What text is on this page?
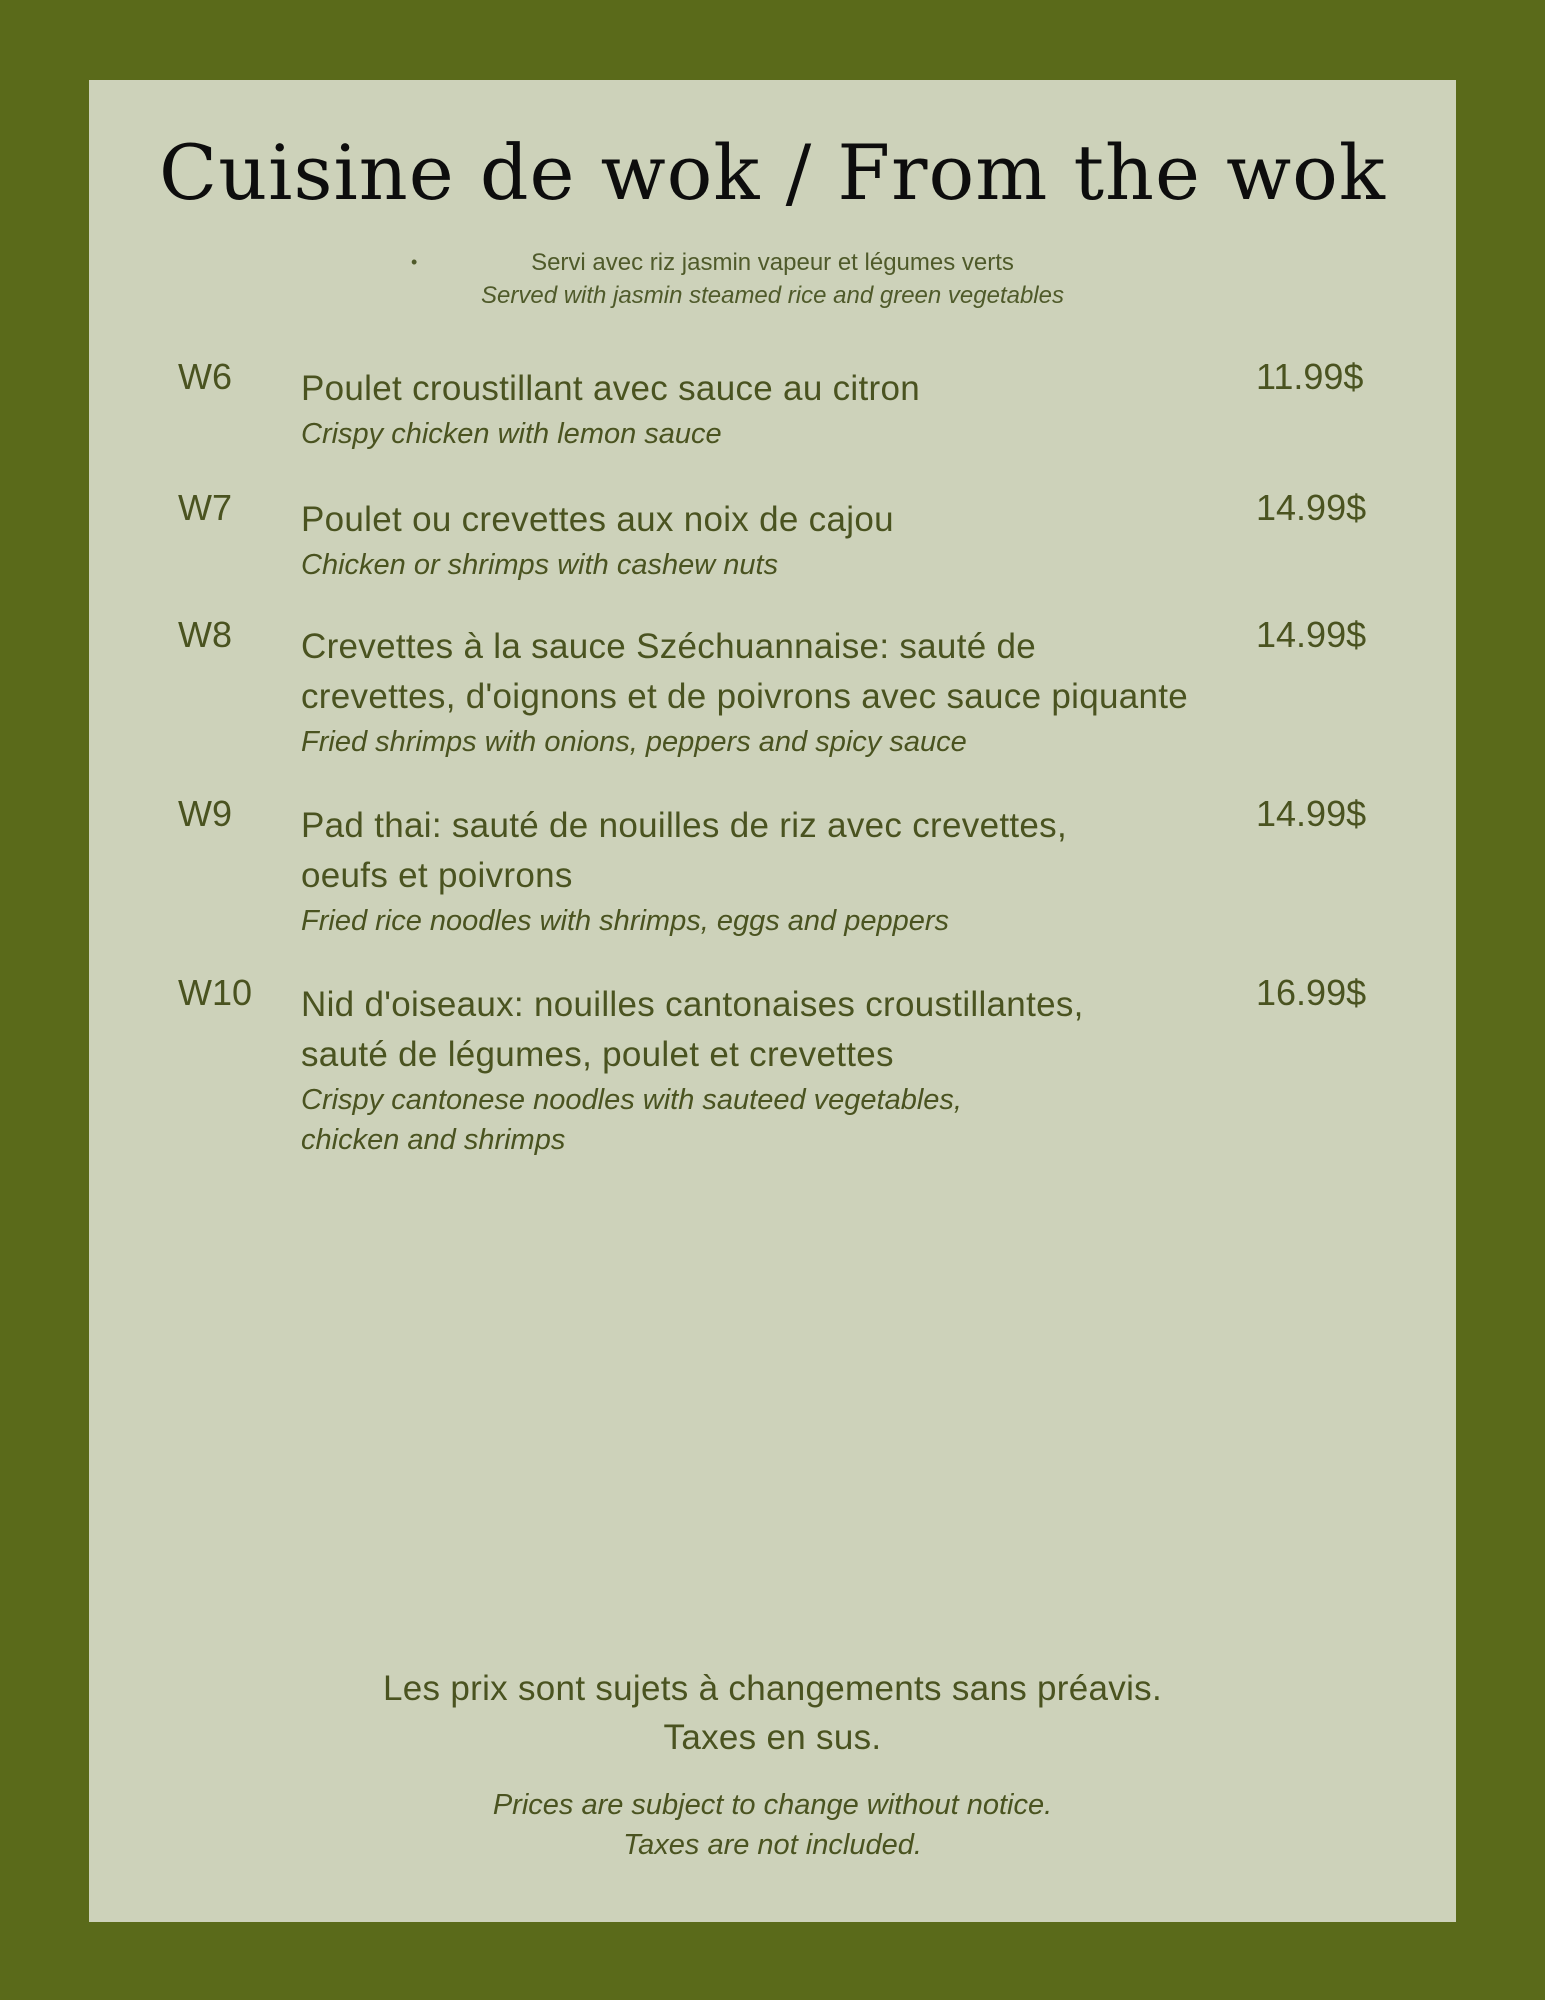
Cuisine de wok / From the wok
•	Servi avec riz jasmin vapeur et légumes verts
Served with jasmin steamed rice and green vegetables
W6 Poulet croustillant avec sauce au citron
Crispy chicken with lemon sauce
11.99$
W7 Poulet ou crevettes aux noix de cajou
Chicken or shrimps with cashew nuts
14.99$
W8 Crevettes à la sauce Széchuannaise: sauté de
crevettes, d'oignons et de poivrons avec sauce piquante
Fried shrimps with onions, peppers and spicy sauce
14.99$
W9 Pad thai: sauté de nouilles de riz avec crevettes,
oeufs et poivrons
Fried rice noodles with shrimps, eggs and peppers
14.99$
W10 Nid d'oiseaux: nouilles cantonaises croustillantes,
sauté de légumes, poulet et crevettes
Crispy cantonese noodles with sauteed vegetables,
chicken and shrimps
16.99$
Les prix sont sujets à changements sans préavis.
Taxes en sus.
Prices are subject to change without notice.
Taxes are not included.
